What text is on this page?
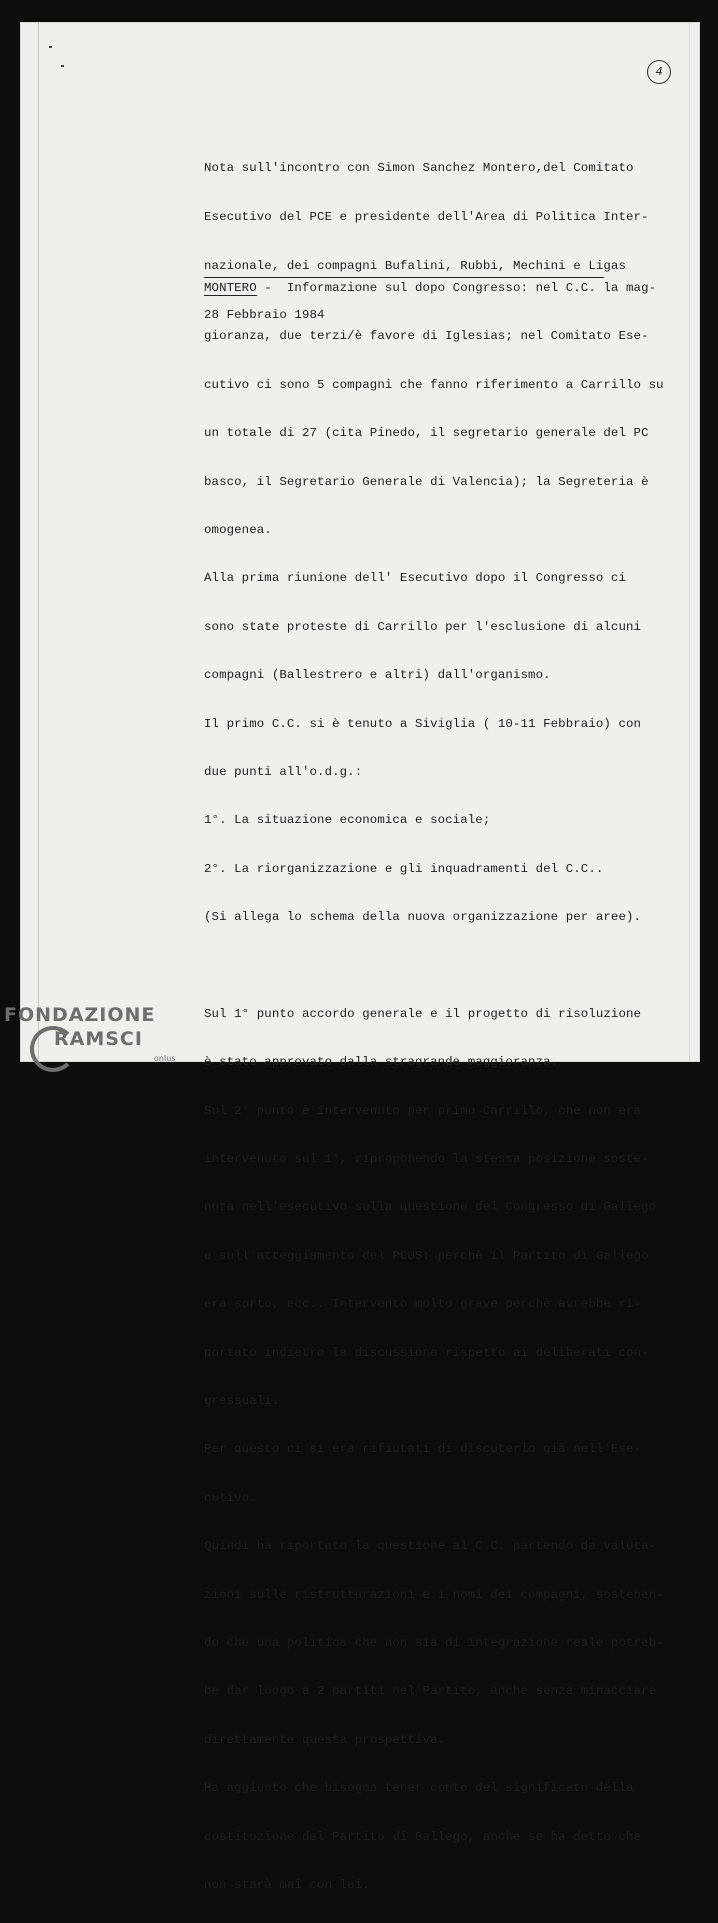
4

Nota sull'incontro con Simon Sanchez Montero,del Comitato

Esecutivo del PCE e presidente dell'Area di Politica Inter-

nazionale, dei compagni Bufalini, Rubbi, Mechini e Ligas

28 Febbraio 1984

MONTERO -  Informazione sul dopo Congresso: nel C.C. la mag-

gioranza, due terzi/è favore di Iglesias; nel Comitato Ese-

cutivo ci sono 5 compagni che fanno riferimento a Carrillo su

un totale di 27 (cita Pinedo, il segretario generale del PC

basco, il Segretario Generale di Valencia); la Segreteria è

omogenea.

Alla prima riunione dell' Esecutivo dopo il Congresso ci

sono state proteste di Carrillo per l'esclusione di alcuni

compagni (Ballestrero e altri) dall'organismo.

Il primo C.C. si è tenuto a Siviglia ( 10-11 Febbraio) con

due punti all'o.d.g.:

1°. La situazione economica e sociale;

2°. La riorganizzazione e gli inquadramenti del C.C..

(Si allega lo schema della nuova organizzazione per aree).

Sul 1° punto accordo generale e il progetto di risoluzione

è stato approvato dalla stragrande maggioranza.

Sul 2° punto è intervenuto per primo Carrillo, che non era

intervenuto sul 1°, riproponendo la stessa posizione soste-

nuta nell'esecutivo sulla questione del Congresso di Gallego

e sull'atteggiamento del PCUS: perchè il Partito di Gallego

era sorto, ecc.. Intervento molto grave perchè avrebbe ri-

portato indietro la discussione rispetto ai deliberati con-

gressuali.

Per questo ci si era rifiutati di discuterlo già nell'Ese-

cutivo.

Quindi ha riportato la questione al C.C. partendo da valuta-

zioni sulle ristrutturazioni e i nomi dei compagni, sostenen-

do che una politica che non sia di integrazione reale potreb-

be dar luogo a 2 partiti nel Partito, anche senza minacciare

direttamente questa prospettiva.

Ha aggiunto che bisogna tener conto del significato della

costituzione del Partito di Gallego, anche se ha detto che

non starà mai con lui.

FONDAZIONE
RAMSCI
onlus
